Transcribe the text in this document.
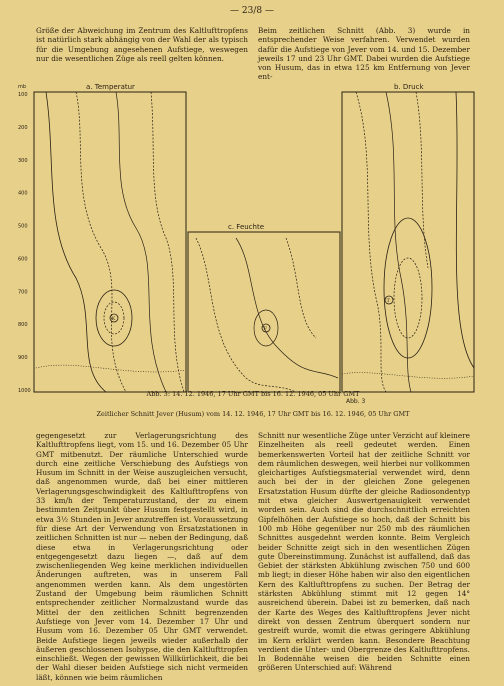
— 23/8 —

Größe der Abweichung im Zentrum des Kaltlufttropfens ist natürlich stark abhängig von der Wahl der als typisch für die Umgebung angesehenen Aufstiege, weswegen nur die wesentlichen Züge als reell gelten können.

Beim zeitlichen Schnitt (Abb. 3) wurde in entsprechender Weise verfahren. Verwendet wurden dafür die Aufstiege von Jever vom 14. und 15. Dezember jeweils 17 und 23 Uhr GMT. Dabei wurden die Aufstiege von Husum, das in etwa 125 km Entfernung von Jever ent-

a. Temperatur
mb
100
200
300
400
500
600
700
800
900
1000
K
c. Feuchte
F
b. Druck
T
Abb. 3
Abb. 3: 14. 12. 1946, 17 Uhr GMT bis 16. 12. 1946, 05 Uhr GMT
Zeitlicher Schnitt Jever (Husum) vom 14. 12. 1946, 17 Uhr GMT bis 16. 12. 1946, 05 Uhr GMT

gegengesetzt zur Verlagerungsrichtung des Kaltlufttropfens liegt, vom 15. und 16. Dezember 05 Uhr GMT mitbenutzt. Der räumliche Unterschied wurde durch eine zeitliche Verschiebung des Aufstiegs von Husum im Schnitt in der Weise auszugleichen versucht, daß angenommen wurde, daß bei einer mittleren Verlagerungsgeschwindigkeit des Kaltlufttropfens von 33 km/h der Temperaturzustand, der zu einem bestimmten Zeitpunkt über Husum festgestellt wird, in etwa 3½ Stunden in Jever anzutreffen ist. Voraussetzung für diese Art der Verwendung von Ersatzstationen in zeitlichen Schnitten ist nur — neben der Bedingung, daß diese etwa in Verlagerungsrichtung oder entgegengesetzt dazu liegen —, daß auf dem zwischenliegenden Weg keine merklichen individuellen Änderungen auftreten, was in unserem Fall angenommen werden kann. Als dem ungestörten Zustand der Umgebung beim räumlichen Schnitt entsprechender zeitlicher Normalzustand wurde das Mittel der den zeitlichen Schnitt begrenzenden Aufstiege von Jever vom 14. Dezember 17 Uhr und Husum vom 16. Dezember 05 Uhr GMT verwendet. Beide Aufstiege liegen jeweils wieder außerhalb der äußeren geschlossenen Isohypse, die den Kaltlufttropfen einschließt. Wegen der gewissen Willkürlichkeit, die bei der Wahl dieser beiden Aufstiege sich nicht vermeiden läßt, können wie beim räumlichen

Schnitt nur wesentliche Züge unter Verzicht auf kleinere Einzelheiten als reell gedeutet werden. Einen bemerkenswerten Vorteil hat der zeitliche Schnitt vor dem räumlichen deswegen, weil hierbei nur vollkommen gleichartiges Aufstiegsmaterial verwendet wird, denn auch bei der in der gleichen Zone gelegenen Ersatzstation Husum dürfte der gleiche Radiosondentyp mit etwa gleicher Auswertgenauigkeit verwendet worden sein. Auch sind die durchschnittlich erreichten Gipfelhöhen der Aufstiege so hoch, daß der Schnitt bis 100 mb Höhe gegenüber nur 250 mb des räumlichen Schnittes ausgedehnt werden konnte. Beim Vergleich beider Schnitte zeigt sich in den wesentlichen Zügen gute Übereinstimmung. Zunächst ist auffallend, daß das Gebiet der stärksten Abkühlung zwischen 750 und 600 mb liegt; in dieser Höhe haben wir also den eigentlichen Kern des Kaltlufttropfens zu suchen. Der Betrag der stärksten Abkühlung stimmt mit 12 gegen 14° ausreichend überein. Dabei ist zu bemerken, daß nach der Karte des Weges des Kaltlufttropfens Jever nicht direkt von dessen Zentrum überquert sondern nur gestreift wurde, womit die etwas geringere Abkühlung im Kern erklärt werden kann. Besondere Beachtung verdient die Unter- und Obergrenze des Kaltlufttropfens. In Bodennähe weisen die beiden Schnitte einen größeren Unterschied auf: Während
